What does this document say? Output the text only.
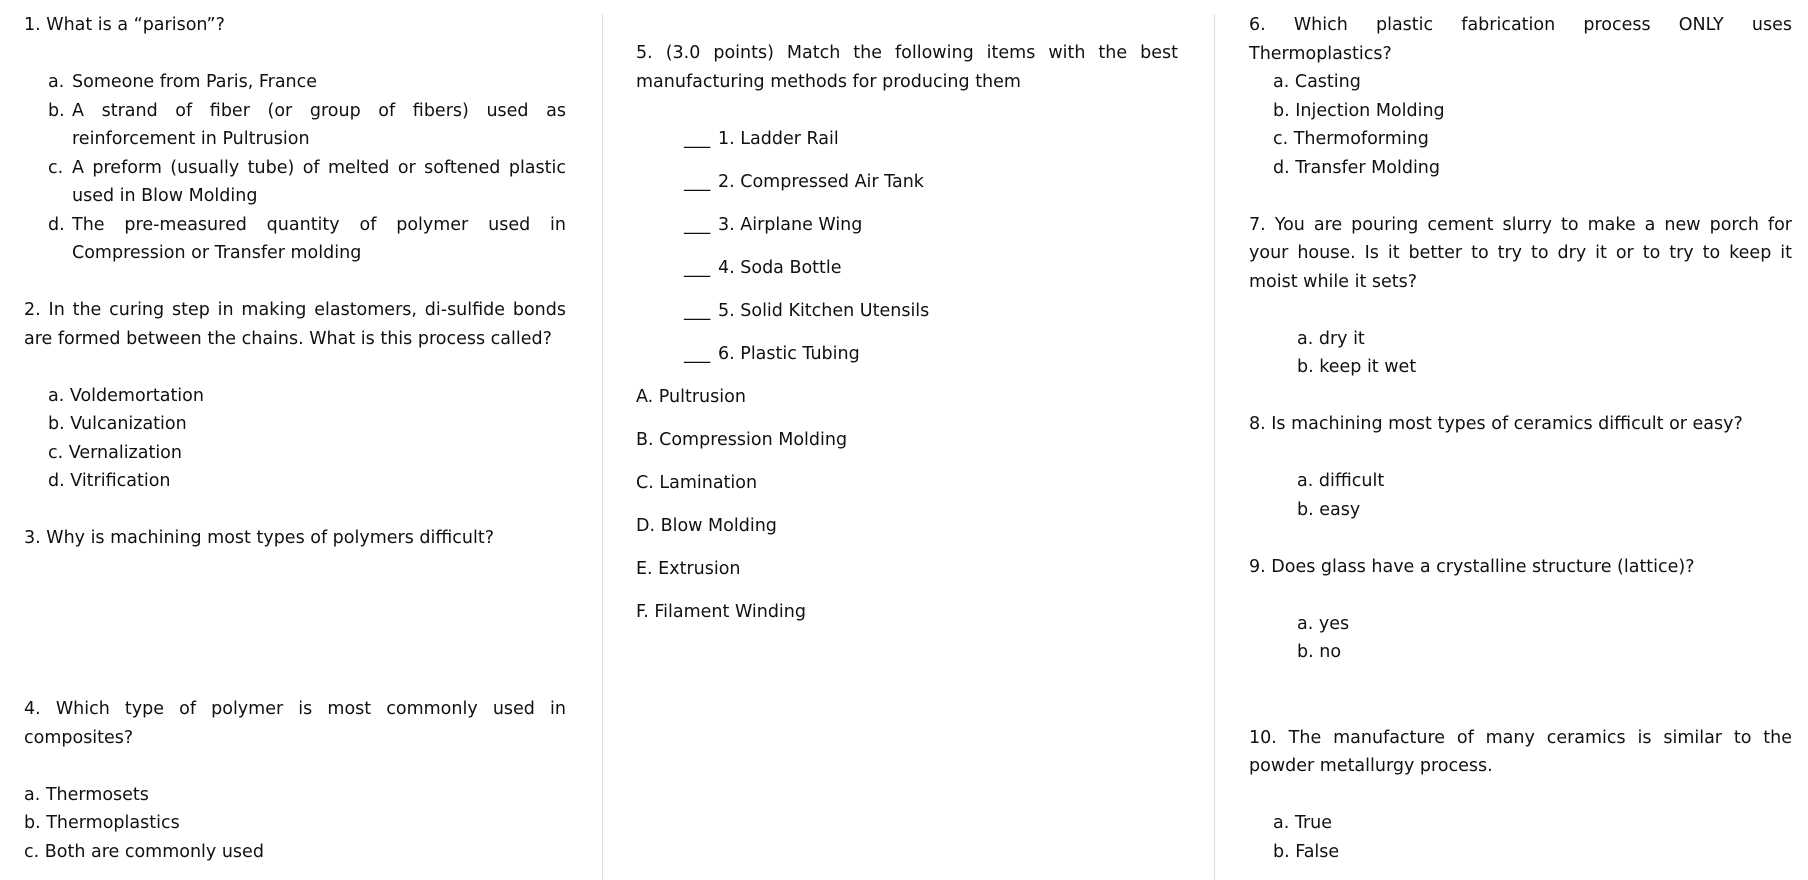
1. What is a “parison”?

a. Someone from Paris, France
b. A strand of fiber (or group of fibers) used as reinforcement in Pultrusion
c. A preform (usually tube) of melted or softened plastic used in Blow Molding
d. The pre-measured quantity of polymer used in Compression or Transfer molding

2. In the curing step in making elastomers, di-sulfide bonds are formed between the chains. What is this process called?

a. Voldemortation

b. Vulcanization

c. Vernalization

d. Vitrification

3. Why is machining most types of polymers difficult?

4. Which type of polymer is most commonly used in composites?

a. Thermosets

b. Thermoplastics

c. Both are commonly used

5. (3.0 points) Match the following items with the best manufacturing methods for producing them

___ 1. Ladder Rail
___ 2. Compressed Air Tank
___ 3. Airplane Wing
___ 4. Soda Bottle
___ 5. Solid Kitchen Utensils
___ 6. Plastic Tubing

A. Pultrusion

B. Compression Molding

C. Lamination

D. Blow Molding

E. Extrusion

F. Filament Winding

6. Which plastic fabrication process ONLY uses Thermoplastics?

a. Casting

b. Injection Molding

c. Thermoforming

d. Transfer Molding

7. You are pouring cement slurry to make a new porch for your house. Is it better to try to dry it or to try to keep it moist while it sets?

a. dry it

b. keep it wet

8. Is machining most types of ceramics difficult or easy?

a. difficult

b. easy

9. Does glass have a crystalline structure (lattice)?

a. yes

b. no

10. The manufacture of many ceramics is similar to the powder metallurgy process.

a. True

b. False
